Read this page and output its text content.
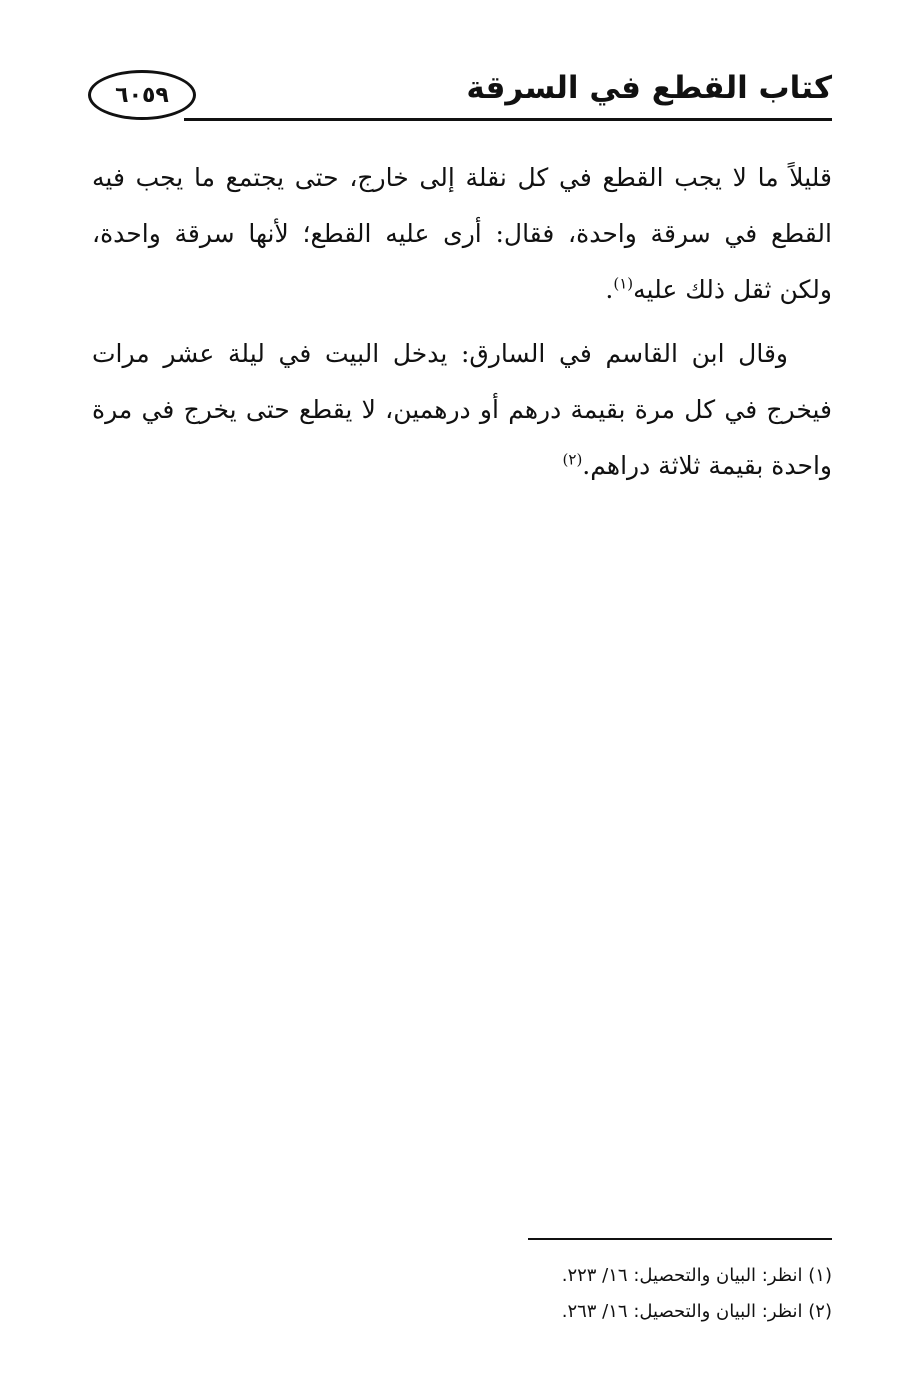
٦٠٥٩	كتاب القطع في السرقة

قليلاً ما لا يجب القطع في كل نقلة إلى خارج، حتى يجتمع ما يجب فيه القطع في سرقة واحدة، فقال: أرى عليه القطع؛ لأنها سرقة واحدة، ولكن ثقل ذلك عليه$^{(١)}$.

وقال ابن القاسم في السارق: يدخل البيت في ليلة عشر مرات فيخرج في كل مرة بقيمة درهم أو درهمين، لا يقطع حتى يخرج في مرة واحدة بقيمة ثلاثة دراهم.$^{(٢)}$

(١) انظر: البيان والتحصيل: ١٦/ ٢٢٣.
(٢) انظر: البيان والتحصيل: ١٦/ ٢٦٣.
